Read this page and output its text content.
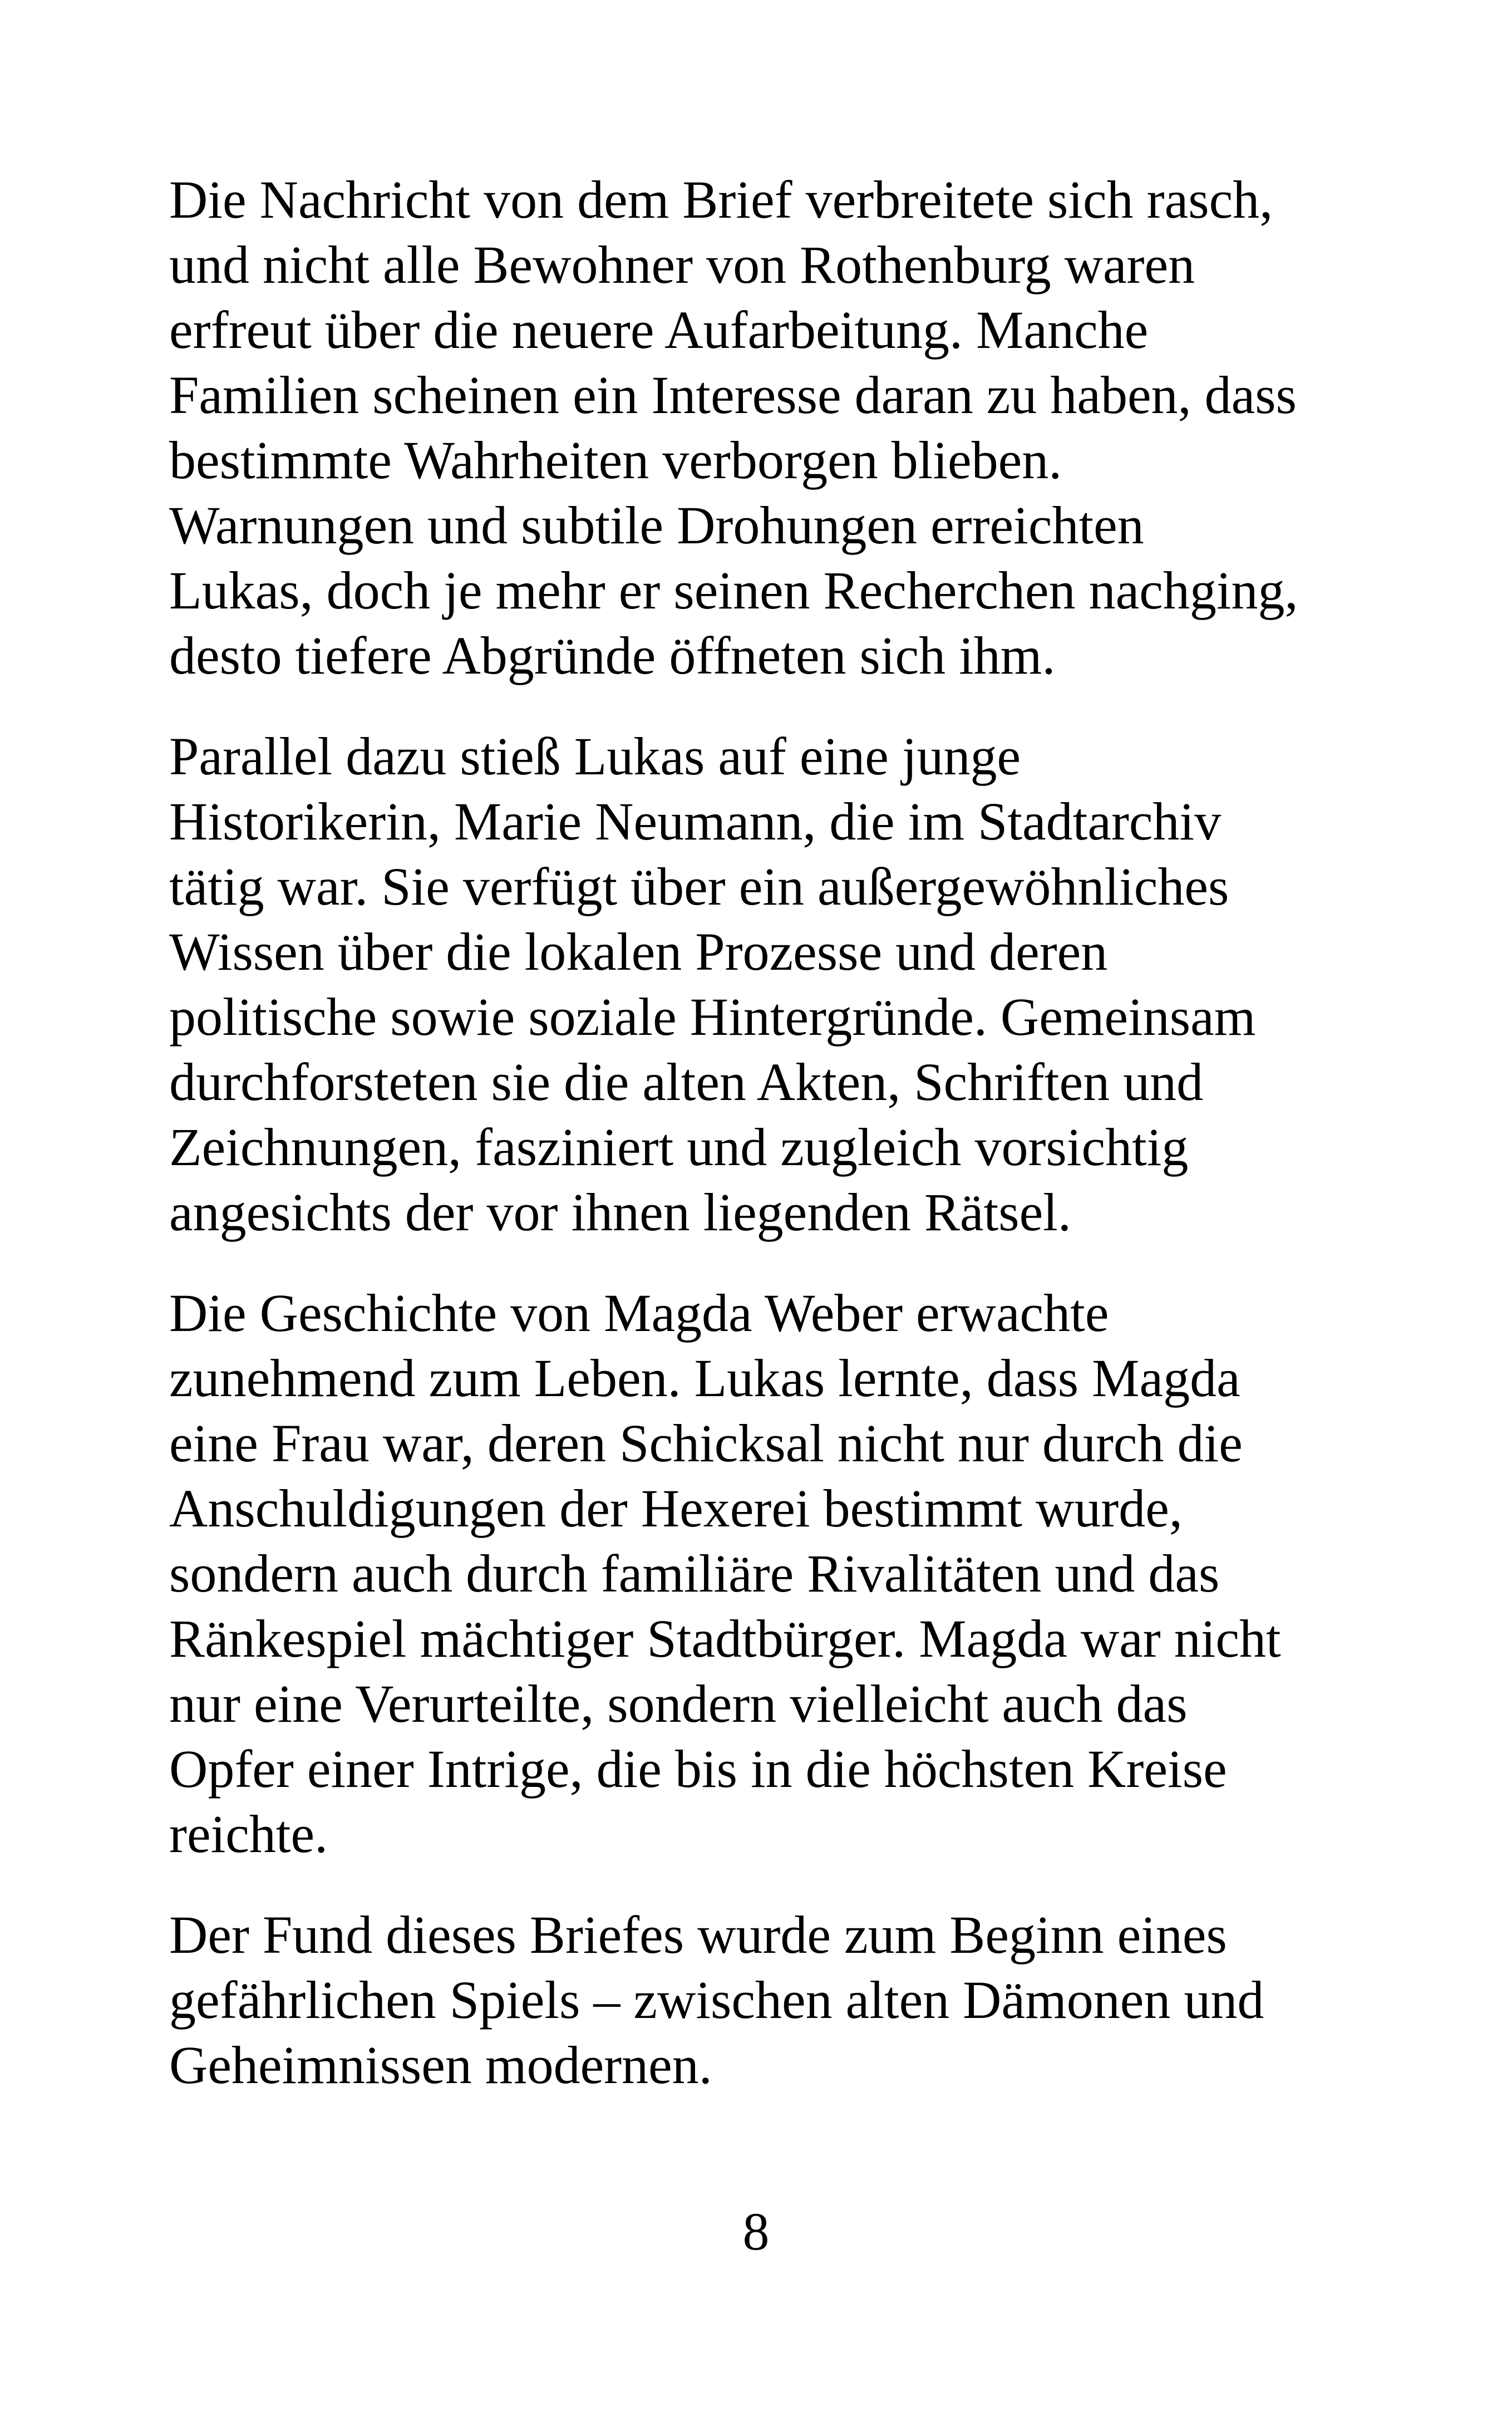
Die Nachricht von dem Brief verbreitete sich rasch,
und nicht alle Bewohner von Rothenburg waren
erfreut über die neuere Aufarbeitung. Manche
Familien scheinen ein Interesse daran zu haben, dass
bestimmte Wahrheiten verborgen blieben.
Warnungen und subtile Drohungen erreichten
Lukas, doch je mehr er seinen Recherchen nachging,
desto tiefere Abgründe öffneten sich ihm.

Parallel dazu stieß Lukas auf eine junge
Historikerin, Marie Neumann, die im Stadtarchiv
tätig war. Sie verfügt über ein außergewöhnliches
Wissen über die lokalen Prozesse und deren
politische sowie soziale Hintergründe. Gemeinsam
durchforsteten sie die alten Akten, Schriften und
Zeichnungen, fasziniert und zugleich vorsichtig
angesichts der vor ihnen liegenden Rätsel.

Die Geschichte von Magda Weber erwachte
zunehmend zum Leben. Lukas lernte, dass Magda
eine Frau war, deren Schicksal nicht nur durch die
Anschuldigungen der Hexerei bestimmt wurde,
sondern auch durch familiäre Rivalitäten und das
Ränkespiel mächtiger Stadtbürger. Magda war nicht
nur eine Verurteilte, sondern vielleicht auch das
Opfer einer Intrige, die bis in die höchsten Kreise
reichte.

Der Fund dieses Briefes wurde zum Beginn eines
gefährlichen Spiels – zwischen alten Dämonen und
Geheimnissen modernen.

8
